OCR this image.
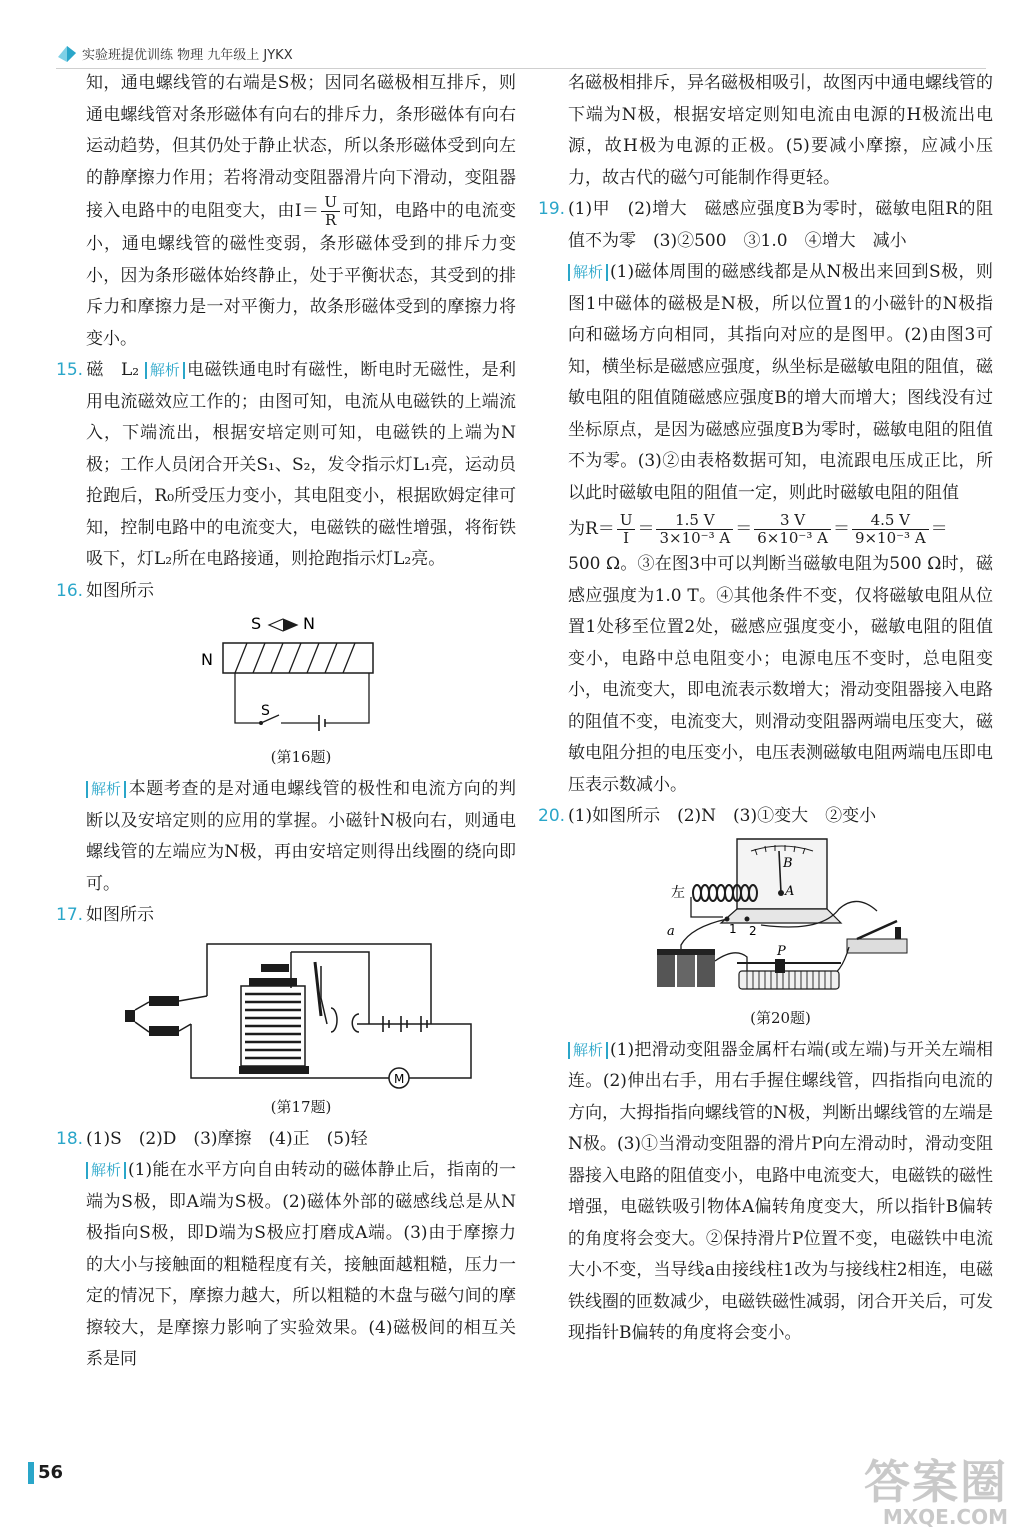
实验班提优训练 物理 九年级上 JYKX

知，通电螺线管的右端是S极；因同名磁极相互排斥，则通电螺线管对条形磁体有向右的排斥力，条形磁体有向右运动趋势，但其仍处于静止状态，所以条形磁体受到向左的静摩擦力作用；若将滑动变阻器滑片向下滑动，变阻器接入电路中的电阻变大，由$I= \frac{U}{R}$ 可知，电路中的电流变小，通电螺线管的磁性变弱，条形磁体受到的排斥力变小，因为条形磁体始终静止，处于平衡状态，其受到的排斥力和摩擦力是一对平衡力，故条形磁体受到的摩擦力将变小。

15. 磁　L₂ 解析 电磁铁通电时有磁性，断电时无磁性，是利用电流磁效应工作的；由图可知，电流从电磁铁的上端流入，下端流出，根据安培定则可知，电磁铁的上端为N极；工作人员闭合开关S₁、S₂，发令指示灯L₁亮，运动员抢跑后，R₀所受压力变小，其电阻变小，根据欧姆定律可知，控制电路中的电流变大，电磁铁的磁性增强，将衔铁吸下，灯L₂所在电路接通，则抢跑指示灯L₂亮。

16. 如图所示

S	N
N
S
(第16题)

解析 本题考查的是对通电螺线管的极性和电流方向的判断以及安培定则的应用的掌握。小磁针N极向右，则通电螺线管的左端应为N极，再由安培定则得出线圈的绕向即可。

17. 如图所示

M
(第17题)

18. (1)S　(2)D　(3)摩擦　(4)正　(5)轻

解析 (1)能在水平方向自由转动的磁体静止后，指南的一端为S极，即A端为S极。(2)磁体外部的磁感线总是从N极指向S极，即D端为S极应打磨成A端。(3)由于摩擦力的大小与接触面的粗糙程度有关，接触面越粗糙，压力一定的情况下，摩擦力越大，所以粗糙的木盘与磁勺间的摩擦较大，是摩擦力影响了实验效果。(4)磁极间的相互关系是同

名磁极相排斥，异名磁极相吸引，故图丙中通电螺线管的下端为N极，根据安培定则知电流由电源的H极流出电源，故H极为电源的正极。(5)要减小摩擦，应减小压力，故古代的磁勺可能制作得更轻。

19. (1)甲　(2)增大　磁感应强度B为零时，磁敏电阻R的阻值不为零　(3)②500　③1.0　④增大　减小

解析 (1)磁体周围的磁感线都是从N极出来回到S极，则图1中磁体的磁极是N极，所以位置1的小磁针的N极指向和磁场方向相同，其指向对应的是图甲。(2)由图3可知，横坐标是磁感应强度，纵坐标是磁敏电阻的阻值，磁敏电阻的阻值随磁感应强度B的增大而增大；图线没有过坐标原点，是因为磁感应强度B为零时，磁敏电阻的阻值不为零。(3)②由表格数据可知，电流跟电压成正比，所以此时磁敏电阻的阻值一定，则此时磁敏电阻的阻值

为$R= \frac{U}{I} = \frac{1.5 V}{\text{3×10⁻³ A}} = \frac{3 V}{\text{6×10⁻³ A}} = \frac{4.5 V}{\text{9×10⁻³ A}}$ ＝

500 Ω。③在图3中可以判断当磁敏电阻为500 Ω时，磁感应强度为1.0 T。④其他条件不变，仅将磁敏电阻从位置1处移至位置2处，磁感应强度变小，磁敏电阻的阻值变小，电路中总电阻变小；电源电压不变时，总电阻变小，电流变大，即电流表示数增大；滑动变阻器接入电路的阻值不变，电流变大，则滑动变阻器两端电压变大，磁敏电阻分担的电压变小，电压表测磁敏电阻两端电压即电压表示数减小。

20. (1)如图所示　(2)N　(3)①变大　②变小

B
A
左
1 2
a
P
(第20题)

解析 (1)把滑动变阻器金属杆右端(或左端)与开关左端相连。(2)伸出右手，用右手握住螺线管，四指指向电流的方向，大拇指指向螺线管的N极，判断出螺线管的左端是N极。(3)①当滑动变阻器的滑片P向左滑动时，滑动变阻器接入电路的阻值变小，电路中电流变大，电磁铁的磁性增强，电磁铁吸引物体A偏转角度变大，所以指针B偏转的角度将会变大。②保持滑片P位置不变，电磁铁中电流大小不变，当导线a由接线柱1改为与接线柱2相连，电磁铁线圈的匝数减少，电磁铁磁性减弱，闭合开关后，可发现指针B偏转的角度将会变小。

56	答案圈
MXQE.COM
